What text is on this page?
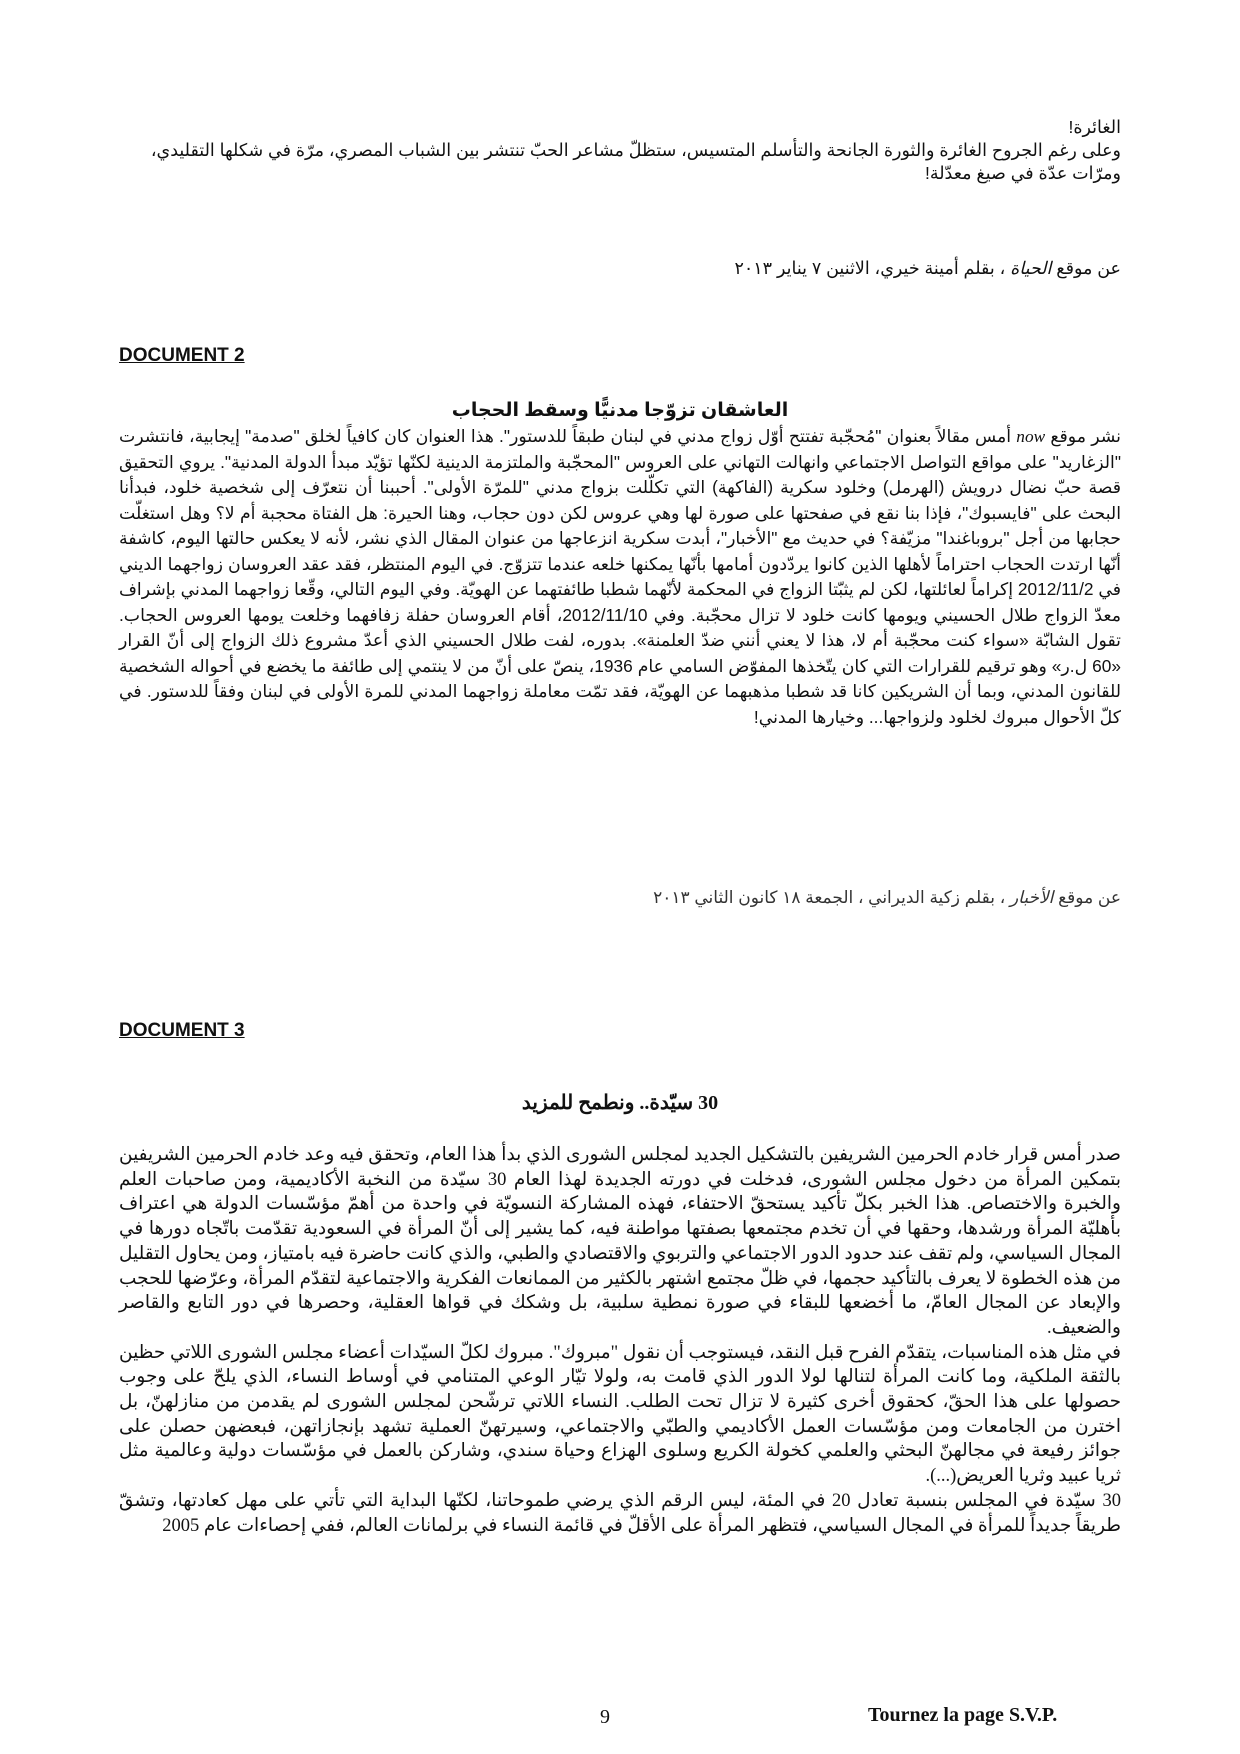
الغائرة!

وعلى رغم الجروح الغائرة والثورة الجانحة والتأسلم المتسيس، ستظلّ مشاعر الحبّ تنتشر بين الشباب المصري، مرّة في شكلها التقليدي، ومرّات عدّة في صيغ معدّلة!

عن موقع الحياة ، بقلم أمينة خيري، الاثنين ٧ يناير ٢٠١٣
DOCUMENT 2
العاشقان تزوّجا مدنيًّا وسقط الحجاب
نشر موقع now أمس مقالاً بعنوان "مُحجّبة تفتتح أوّل زواج مدني في لبنان طبقاً للدستور". هذا العنوان كان كافياً لخلق "صدمة" إيجابية، فانتشرت "الزغاريد" على مواقع التواصل الاجتماعي وانهالت التهاني على العروس "المحجّبة والملتزمة الدينية لكنّها تؤيّد مبدأ الدولة المدنية". يروي التحقيق قصة حبّ نضال درويش (الهرمل) وخلود سكرية (الفاكهة) التي تكلّلت بزواج مدني "للمرّة الأولى". أحببنا أن نتعرّف إلى شخصية خلود، فبدأنا البحث على "فايسبوك"، فإذا بنا نقع في صفحتها على صورة لها وهي عروس لكن دون حجاب، وهنا الحيرة: هل الفتاة محجبة أم لا؟ وهل استغلّت حجابها من أجل "بروباغندا" مزيّفة؟ في حديث مع "الأخبار"، أبدت سكرية انزعاجها من عنوان المقال الذي نشر، لأنه لا يعكس حالتها اليوم، كاشفة أنّها ارتدت الحجاب احتراماً لأهلها الذين كانوا يردّدون أمامها بأنّها يمكنها خلعه عندما تتزوّج. في اليوم المنتظر، فقد عقد العروسان زواجهما الديني في 2012/11/2 إكراماً لعائلتها، لكن لم يثبّتا الزواج في المحكمة لأنّهما شطبا طائفتهما عن الهويّة. وفي اليوم التالي، وقّعا زواجهما المدني بإشراف معدّ الزواج طلال الحسيني ويومها كانت خلود لا تزال محجّبة. وفي 2012/11/10، أقام العروسان حفلة زفافهما وخلعت يومها العروس الحجاب. تقول الشابّة «سواء كنت محجّبة أم لا، هذا لا يعني أنني ضدّ العلمنة». بدوره، لفت طلال الحسيني الذي أعدّ مشروع ذلك الزواج إلى أنّ القرار «60 ل.ر» وهو ترقيم للقرارات التي كان يتّخذها المفوّض السامي عام 1936، ينصّ على أنّ من لا ينتمي إلى طائفة ما يخضع في أحواله الشخصية للقانون المدني، وبما أن الشريكين كانا قد شطبا مذهبهما عن الهويّة، فقد تمّت معاملة زواجهما المدني للمرة الأولى في لبنان وفقاً للدستور. في كلّ الأحوال مبروك لخلود ولزواجها... وخيارها المدني!
عن موقع الأخبار ، بقلم زكية الديراني ، الجمعة ١٨ كانون الثاني ٢٠١٣
DOCUMENT 3
30 سيّدة.. ونطمح للمزيد

صدر أمس قرار خادم الحرمين الشريفين بالتشكيل الجديد لمجلس الشورى الذي بدأ هذا العام، وتحقق فيه وعد خادم الحرمين الشريفين بتمكين المرأة من دخول مجلس الشورى، فدخلت في دورته الجديدة لهذا العام 30 سيّدة من النخبة الأكاديمية، ومن صاحبات العلم والخبرة والاختصاص. هذا الخبر بكلّ تأكيد يستحقّ الاحتفاء، فهذه المشاركة النسويّة في واحدة من أهمّ مؤسّسات الدولة هي اعتراف بأهليّة المرأة ورشدها، وحقها في أن تخدم مجتمعها بصفتها مواطنة فيه، كما يشير إلى أنّ المرأة في السعودية تقدّمت باتّجاه دورها في المجال السياسي، ولم تقف عند حدود الدور الاجتماعي والتربوي والاقتصادي والطبي، والذي كانت حاضرة فيه بامتياز، ومن يحاول التقليل من هذه الخطوة لا يعرف بالتأكيد حجمها، في ظلّ مجتمع اشتهر بالكثير من الممانعات الفكرية والاجتماعية لتقدّم المرأة، وعرّضها للحجب والإبعاد عن المجال العامّ، ما أخضعها للبقاء في صورة نمطية سلبية، بل وشكك في قواها العقلية، وحصرها في دور التابع والقاصر والضعيف.

في مثل هذه المناسبات، يتقدّم الفرح قبل النقد، فيستوجب أن نقول "مبروك". مبروك لكلّ السيّدات أعضاء مجلس الشورى اللاتي حظين بالثقة الملكية، وما كانت المرأة لتنالها لولا الدور الذي قامت به، ولولا تيّار الوعي المتنامي في أوساط النساء، الذي يلحّ على وجوب حصولها على هذا الحقّ، كحقوق أخرى كثيرة لا تزال تحت الطلب. النساء اللاتي ترشّحن لمجلس الشورى لم يقدمن من منازلهنّ، بل اخترن من الجامعات ومن مؤسّسات العمل الأكاديمي والطبّي والاجتماعي، وسيرتهنّ العملية تشهد بإنجازاتهن، فبعضهن حصلن على جوائز رفيعة في مجالهنّ البحثي والعلمي كخولة الكريع وسلوى الهزاع وحياة سندي، وشاركن بالعمل في مؤسّسات دولية وعالمية مثل ثريا عبيد وثريا العريض(...).

30 سيّدة في المجلس بنسبة تعادل 20 في المئة، ليس الرقم الذي يرضي طموحاتنا، لكنّها البداية التي تأتي على مهل كعادتها، وتشقّ طريقاً جديداً للمرأة في المجال السياسي، فتظهر المرأة على الأقلّ في قائمة النساء في برلمانات العالم، ففي إحصاءات عام 2005

9	Tournez la page S.V.P.
